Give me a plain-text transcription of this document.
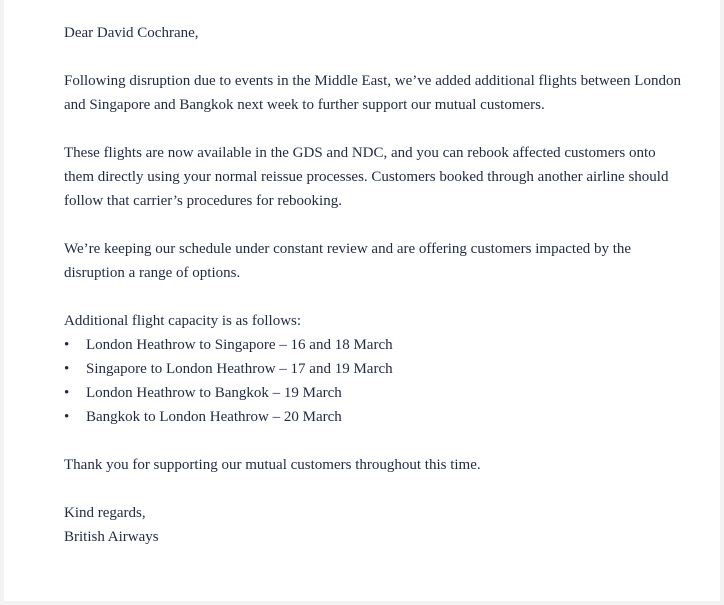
Dear David Cochrane,

Following disruption due to events in the Middle East, we’ve added additional flights between London and Singapore and Bangkok next week to further support our mutual customers.

These flights are now available in the GDS and NDC, and you can rebook affected customers onto them directly using your normal reissue processes. Customers booked through another airline should follow that carrier’s procedures for rebooking.

We’re keeping our schedule under constant review and are offering customers impacted by the disruption a range of options.

Additional flight capacity is as follows:

• London Heathrow to Singapore – 16 and 18 March
• Singapore to London Heathrow – 17 and 19 March
• London Heathrow to Bangkok – 19 March
• Bangkok to London Heathrow – 20 March

Thank you for supporting our mutual customers throughout this time.

Kind regards,

British Airways
